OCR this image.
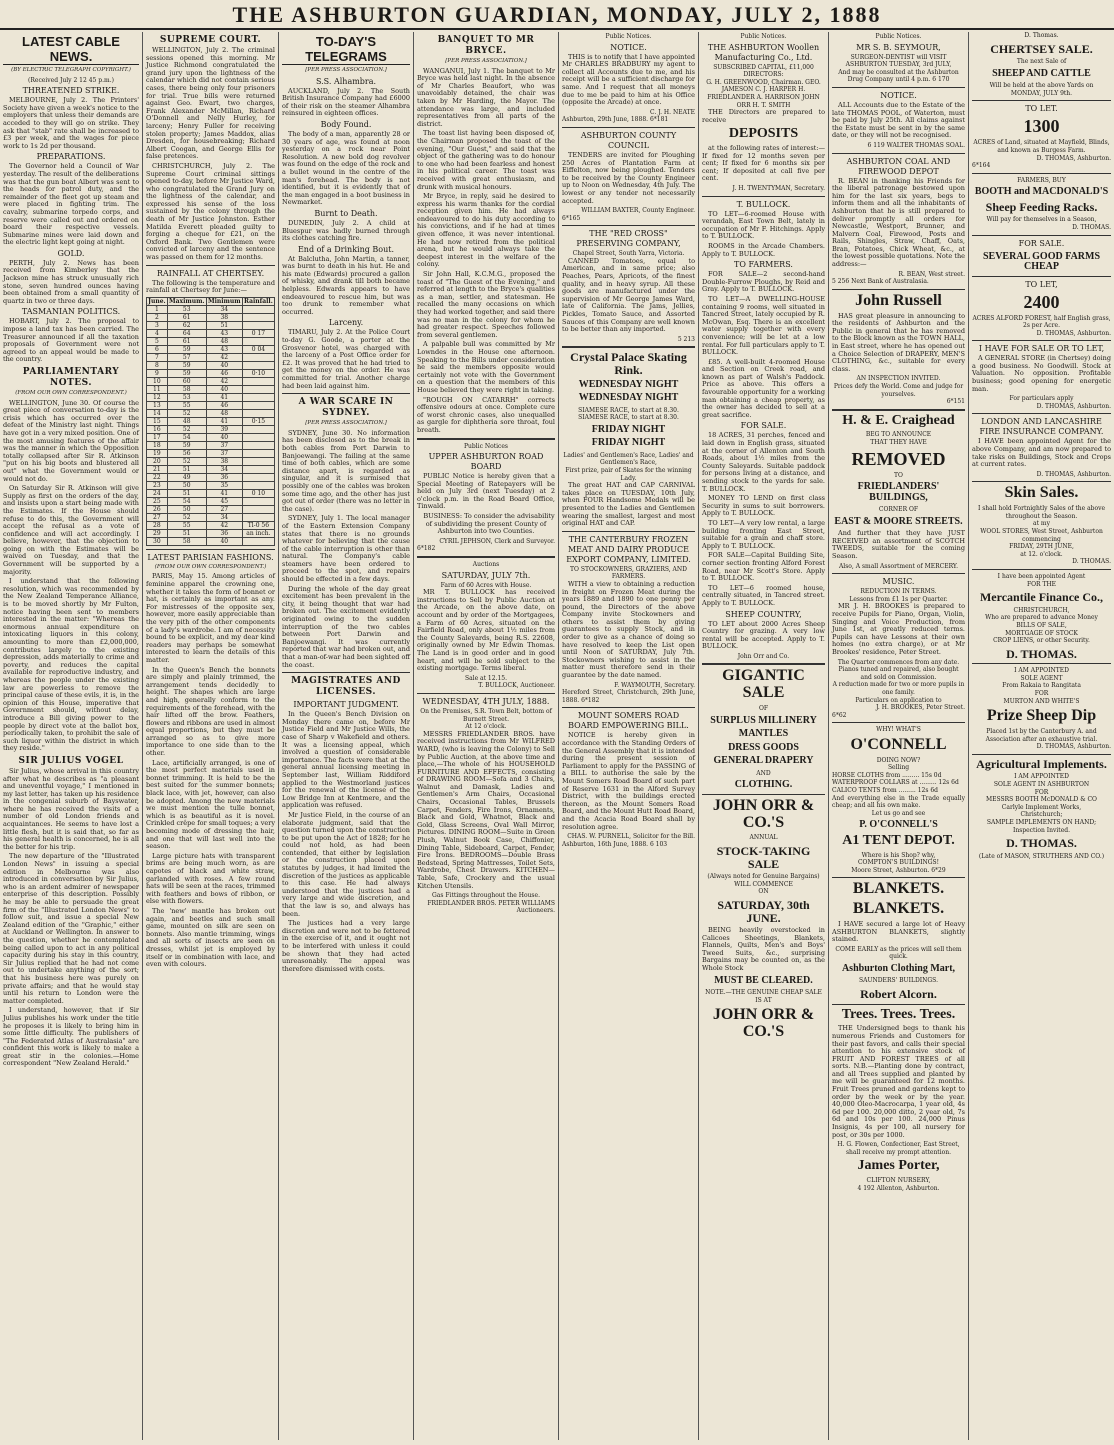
THE ASHBURTON GUARDIAN, MONDAY, JULY 2, 1888
LATEST CABLE NEWS.
(BY ELECTRIC TELEGRAPH COPYRIGHT.)
(Received July 2 12 45 p.m.)
THREATENED STRIKE.

MELBOURNE, July 2. The Printers' Society have given a week's notice to the employers that unless their demands are acceded to they will go on strike. They ask that "stab" rate shall be increased to £3 per week, and the wages for piece work to 1s 2d per thousand.

PREPARATIONS.

The Governor held a Council of War yesterday. The result of the deliberations was that the gun boat Albert was sent to the heads for patrol duty, and the remainder of the fleet got up steam and were placed in fighting trim. The cavalry, submarine torpedo corps, and reserve were called out and ordered on board their respective vessels. Submarine mines were laid down and the electric light kept going at night.

GOLD.

PERTH, July 2. News has been received from Kimberley that the Jackson mine has struck unusually rich stone, seven hundred ounces having been obtained from a small quantity of quartz in two or three days.

TASMANIAN POLITICS.

HOBART, July 2. The proposal to impose a land tax has been carried. The Treasurer announced if all the taxation proposals of Government were not agreed to an appeal would be made to the country.

PARLIAMENTARY NOTES.
(FROM OUR OWN CORRESPONDENT.)

WELLINGTON, June 30. Of course the great pièce of conversation to-day is the crisis which has occurred over the defeat of the Ministry last night. Things have got in a very mixed position. One of the most amusing features of the affair was the manner in which the Opposition totally collapsed after Sir R. Atkinson "put on his big boots and blustered all out" what the Government would or would not do.

On Saturday Sir R. Atkinson will give Supply as first on the orders of the day, and insists upon a start being made with the Estimates. If the House should refuse to do this, the Government will accept the refusal as a vote of confidence and will act accordingly. I believe, however, that the objection to going on with the Estimates will be waived on Tuesday, and that the Government will be supported by a majority.

I understand that the following resolution, which was recommended by the New Zealand Temperance Alliance, is to be moved shortly by Mr Fulton, notice having been sent to members interested in the matter: "Whereas the enormous annual expenditure on intoxicating liquors in this colony, amounting to more than £2,000,000, contributes largely to the existing depression, adds materially to crime and poverty, and reduces the capital available for reproductive industry, and whereas the people under the existing law are powerless to remove the principal cause of these evils, it is, in the opinion of this House, imperative that Government should, without delay, introduce a Bill giving power to the people by direct vote at the ballot box, periodically taken, to prohibit the sale of such liquor within the district in which they reside."

SIR JULIUS VOGEL

Sir Julius, whose arrival in this country after what he describes as "a pleasant and uneventful voyage," I mentioned in my last letter, has taken up his residence in the congenial suburb of Bayswater, where he has received the visits of a number of old London friends and acquaintances. He seems to have lost a little flesh, but it is said that, so far as his general health is concerned, he is all the better for his trip.

The new departure of the "Illustrated London News" in issuing a special edition in Melbourne was also introduced in conversation by Sir Julius, who is an ardent admirer of newspaper enterprise of this description. Possibly he may be able to persuade the great firm of the "Illustrated London News" to follow suit, and issue a special New Zealand edition of the "Graphic," either at Auckland or Wellington. In answer to the question, whether he contemplated being called upon to act in any political capacity during his stay in this country, Sir Julius replied that he had not come out to undertake anything of the sort; that his business here was purely on private affairs; and that he would stay until his return to London were the matter completed.

I understand, however, that if Sir Julius publishes his work under the title he proposes it is likely to bring him in some little difficulty. The publishers of "The Federated Atlas of Australasia" are confident this work is likely to make a great stir in the colonies.—Home correspondent "New Zealand Herald."

SUPREME COURT.

WELLINGTON, July 2. The criminal sessions opened this morning. Mr Justice Richmond congratulated the grand jury upon the lightness of the calendar which did not contain serious cases, there being only four prisoners for trial. True bills were returned against Geo. Ewart, two charges, Frank Alexander McMillan, Richard O'Donnell and Nelly Hurley, for larceny; Henry Fuller for receiving stolen property; James Maddox, alias Dresden, for housebreaking; Richard Albert Coogan, and George Ellis for false pretences.

CHRISTCHURCH, July 2. The Supreme Court criminal sittings opened to-day, before Mr Justice Ward, who congratulated the Grand Jury on the lightness of the calendar, and expressed his sense of the loss sustained by the colony through the death of Mr Justice Johnston. Esther Matilda Everett pleaded guilty to forging a cheque for £21, on the Oxford Bank. Two Gentlemen were convicted of larceny and the sentence was passed on them for 12 months.

RAINFALL AT CHERTSEY.

The following is the temperature and rainfall at Chertsey for June:—

June.	Maximum.	Minimum	Rainfall.
1	53	34	
2	61	38	
3	62	51	
4	64	43	0 17
5	61	48	
6	59	43	0 04
7	57	42	
8	59	40	
9	59	46	0·10
10	60	42	
11	58	40	
12	53	41	
13	55	46	
14	52	48	
15	48	41	0·15
16	52	39	
17	54	40	
18	59	37	
19	56	37	
20	52	38	
21	51	34	
22	49	36	
23	50	35	
24	51	41	0 10
25	54	45	
26	50	27	
27	52	34	
28	55	42	Tl-0 56
29	51	36	an inch.
30	58	40	
LATEST PARISIAN FASHIONS.
(FROM OUR OWN CORRESPONDENT.)

PARIS, May 15. Among articles of feminine apparel the crowning one, whether it takes the form of bonnet or hat, is certainly as important as any. For mistresses of the opposite sex, however, more easily appreciable than the very pith of the other components of a lady's wardrobe. I am of necessity bound to be explicit, and my dear kind readers may perhaps be somewhat interested to learn the details of this matter.

In the Queen's Bench the bonnets are simply and plainly trimmed, the arrangement tends decidedly to height. The shapes which are large and high, generally conform to the requirements of the forehead, with the hair lifted off the brow. Feathers, flowers and ribbons are used in almost equal proportions, but they must be arranged so as to give more importance to one side than to the other.

Lace, artificially arranged, is one of the most perfect materials used in bonnet trimming. It is held to be the best suited for the summer bonnets; black lace, with jet, however, can also be adopted. Among the new materials we must mention the tulle bonnet, which is as beautiful as it is novel. Crinkled crêpe for small toques; a very becoming mode of dressing the hair, and one that will last well into the season.

Large picture hats with transparent brims are being much worn, as are capotes of black and white straw, garlanded with roses. A few round hats will be seen at the races, trimmed with feathers and bows of ribbon, or else with flowers.

The 'new' mantle has broken out again, and beetles and such small game, mounted on silk are seen on bonnets. Also mantle trimming, wings and all sorts of insects are seen on dresses, whilst jet is employed by itself or in combination with lace, and even with colours.

TO-DAY'S TELEGRAMS
[PER PRESS ASSOCIATION.]
S.S. Alhambra.

AUCKLAND, July 2. The South British Insurance Company had £6000 of their risk on the steamer Alhambra reinsured in eighteen offices.

Body Found.

The body of a man, apparently 28 or 30 years of age, was found at noon yesterday on a rock near Point Resolution. A new bold dog revolver was found on the edge of the rock and a bullet wound in the centre of the man's forehead. The body is not identified, but it is evidently that of the man engaged in a boot business in Newmarket.

Burnt to Death.

DUNEDIN, July 2. A child at Bluespur was badly burned through its clothes catching fire.

End of a Drinking Bout.

At Balclutha, John Martin, a tanner, was burnt to death in his hut. He and his mate (Edwards) procured a gallon of whisky, and drank till both became helpless. Edwards appears to have endeavoured to rescue him, but was too drunk to remember what occurred.

Larceny.

TIMARU, July 2. At the Police Court to-day G. Goode, a porter at the Grosvenor hotel, was charged with the larceny of a Post Office order for £2. It was proved that he had tried to get the money on the order. He was committed for trial. Another charge had been laid against him.

A WAR SCARE IN SYDNEY.
[PER PRESS ASSOCIATION.]

SYDNEY, June 30. No information has been disclosed as to the break in both cables from Port Darwin to Banjoewangi. The failing at the same time of both cables, which are some distance apart, is regarded as singular, and it is surmised that possibly one of the cables was broken some time ago, and the other has just got out of order (there was no letter in the case).

SYDNEY, July 1. The local manager of the Eastern Extension Company states that there is no grounds whatever for believing that the cause of the cable interruption is other than natural. The Company's cable steamers have been ordered to proceed to the spot, and repairs should be effected in a few days.

During the whole of the day great excitement has been prevalent in the city, it being thought that war had broken out. The excitement evidently originated owing to the sudden interruption of the two cables between Port Darwin and Banjoewangi. It was currently reported that war had broken out, and that a man-of-war had been sighted off the coast.

MAGISTRATES AND LICENSES.
IMPORTANT JUDGMENT.

In the Queen's Bench Division on Monday there came on, before Mr Justice Field and Mr Justice Wills, the case of Sharp v Wakefield and others. It was a licensing appeal, which involved a question of considerable importance. The facts were that at the general annual licensing meeting in September last, William Riddiford applied to the Westmorland justices for the renewal of the license of the Low Bridge Inn at Kentmere, and the application was refused.

Mr Justice Field, in the course of an elaborate judgment, said that the question turned upon the construction to be put upon the Act of 1828; for he could not hold, as had been contended, that either by legislation or the construction placed upon statutes by judges, it had limited the discretion of the justices as applicable to this case. He had always understood that the justices had a very large and wide discretion, and that the law is so, and always has been.

The justices had a very large discretion and were not to be fettered in the exercise of it, and it ought not to be interfered with unless it could be shown that they had acted unreasonably. The appeal was therefore dismissed with costs.

BANQUET TO MR BRYCE.
[PER PRESS ASSOCIATION.]

WANGANUI, July 1. The banquet to Mr Bryce was held last night. In the absence of Mr Charles Beaufort, who was unavoidably detained, the chair was taken by Mr Harding, the Mayor. The attendance was large, and included representatives from all parts of the district.

The toast list having been disposed of, the Chairman proposed the toast of the evening, "Our Guest," and said that the object of the gathering was to do honour to one who had been fearless and honest in his political career. The toast was received with great enthusiasm, and drunk with musical honours.

Mr Bryce, in reply, said he desired to express his warm thanks for the cordial reception given him. He had always endeavoured to do his duty according to his convictions, and if he had at times given offence, it was never intentional. He had now retired from the political arena, but he would always take the deepest interest in the welfare of the colony.

Sir John Hall, K.C.M.G., proposed the toast of "The Guest of the Evening," and referred at length to the Bryce's qualities as a man, settler, and statesman. He recalled the many occasions on which they had worked together, and said there was no man in the colony for whom he had greater respect. Speeches followed from several gentlemen.

A palpable bull was committed by Mr Lowndes in the House one afternoon. Speaking to the Bills under consideration he said the members opposite would certainly not vote with the Government on a question that the members of this House believed they were right in taking.

"ROUGH ON CATARRH" corrects offensive odours at once. Complete cure of worst chronic cases, also unequalled as gargle for diphtheria sore throat, foul breath.

Public Notices
UPPER ASHBURTON ROAD BOARD

PUBLIC Notice is hereby given that a Special Meeting of Ratepayers will be held on July 3rd (next Tuesday) at 2 o'clock p.m. in the Road Board Office, Tinwald.

BUSINESS: To consider the advisability of subdividing the present County of Ashburton into two Counties.

CYRIL JEPHSON, Clerk and Surveyor.
6*182
Auctions
SATURDAY, JULY 7th.
Farm of 60 Acres with House.

MR T. BULLOCK has received instructions to Sell by Public Auction at the Arcade, on the above date, on account and by order of the Mortgagees, a Farm of 60 Acres, situated on the Fairfield Road, only about 1½ miles from the County Saleyards, being R.S. 22608, originally owned by Mr Edwin Thomas. The Land is in good order and in good heart, and will be sold subject to the existing mortgage. Terms liberal.

Sale at 12.15.
T. BULLOCK, Auctioneer.
WEDNESDAY, 4TH JULY, 1888.
On the Premises, S.R. Town Belt, bottom of Burnett Street.
At 12 o'clock.

MESSRS FRIEDLANDER BROS. have received instructions from Mr WILFRED WARD, (who is leaving the Colony) to Sell by Public Auction, at the above time and place,—The whole of his HOUSEHOLD FURNITURE AND EFFECTS, consisting of DRAWING ROOM—Sofa and 3 Chairs, Walnut and Damask, Ladies and Gentlemen's Arm Chairs, Occasional Chairs, Occasional Tables, Brussels Carpet, Fenders, Fire Irons, Ornaments, Black and Gold, Whatnot, Black and Gold, Glass Screens, Oval Wall Mirror, Pictures. DINING ROOM—Suite in Green Plush, Walnut Book Case, Chiffonier, Dining Table, Sideboard, Carpet, Fender, Fire Irons. BEDROOMS—Double Brass Bedstead, Spring Mattresses, Toilet Sets, Wardrobe, Chest Drawers. KITCHEN—Table, Safe, Crockery and the usual Kitchen Utensils.

Gas Fittings throughout the House.
FRIEDLANDER BROS. PETER WILLIAMS Auctioneers.
Public Notices.
NOTICE.

THIS is to notify that I have appointed Mr CHARLES BRADBURY my agent to collect all Accounts due to me, and his receipt will be a sufficient discharge for same. And I request that all moneys due to me be paid to him at his Office (opposite the Arcade) at once.

C. J. H. NEATE
Ashburton, 29th June, 1888. 6*181
ASHBURTON COUNTY COUNCIL

TENDERS are invited for Ploughing 250 Acres of Plantation Farm at Eiffelton, now being ploughed. Tenders to be received by the County Engineer up to Noon on Wednesday, 4th July. The lowest or any tender not necessarily accepted.

WILLIAM BAXTER, County Engineer.
6*165
THE "RED CROSS" PRESERVING COMPANY,
Chapel Street, South Yarra, Victoria.

CANNED Tomatoes, equal to American, and in same price; also Peaches, Pears, Apricots, of the finest quality, and in heavy syrup. All these goods are manufactured under the supervision of Mr George James Ward, late of California. The Jams, Jellies, Pickles, Tomato Sauce, and Assorted Sauces of this Company are well known to be better than any imported.

5 213
Crystal Palace Skating Rink.
WEDNESDAY NIGHT
WEDNESDAY NIGHT
SIAMESE RACE, to start at 8.30.
SIAMESE RACE, to start at 8.30.
FRIDAY NIGHT
FRIDAY NIGHT
Ladies' and Gentlemen's Race, Ladies' and Gentlemen's Race,
First prize, pair of Skates for the winning Lady.

The great HAT and CAP CARNIVAL takes place on TUESDAY, 10th July, when FOUR Handsome Medals will be presented to the Ladies and Gentlemen wearing the smallest, largest and most original HAT and CAP.

THE CANTERBURY FROZEN MEAT AND DAIRY PRODUCE EXPORT COMPANY, LIMITED.
TO STOCKOWNERS, GRAZIERS, AND FARMERS.

WITH a view to obtaining a reduction in freight on Frozen Meat during the years 1889 and 1890 to one penny per pound, the Directors of the above Company invite Stockowners and others to assist them by giving guarantees to supply Stock, and in order to give as a chance of doing so have resolved to keep the List open until Noon of SATURDAY, July 7th. Stockowners wishing to assist in the matter must therefore send in their guarantee by the date named.

F. WAYMOUTH, Secretary.
Hereford Street, Christchurch, 29th June, 1888. 6*182
MOUNT SOMERS ROAD BOARD EMPOWERING BILL.

NOTICE is hereby given in accordance with the Standing Orders of the General Assembly that it is intended during the present session of Parliament to apply for the PASSING of a BILL to authorise the sale by the Mount Somers Road Board of such part of Reserve 1631 in the Alford Survey District, with the buildings erected thereon, as the Mount Somers Road Board, and the Mount Hutt Road Board, and the Acacia Road Board shall by resolution agree.

CHAS. W. PURNELL, Solicitor for the Bill.
Ashburton, 16th June, 1888. 6 103
Public Notices.
THE ASHBURTON Woollen Manufacturing Co., Ltd.
SUBSCRIBED CAPITAL, £11,000
DIRECTORS:
G. H. GREENWOOD, Chairman. GEO. JAMESON C. J. HARPER H. FRIEDLANDER A. HARRISON JOHN ORR H. T. SMITH

THE Directors are prepared to receive

DEPOSITS

at the following rates of interest:— If fixed for 12 months seven per cent; If fixed for 6 months six per cent; If deposited at call five per cent.

J. H. TWENTYMAN, Secretary.
T. BULLOCK.

TO LET—6-roomed House with verandah, East Town Belt, lately in occupation of Mr F. Hitchings. Apply to T. BULLOCK.

ROOMS in the Arcade Chambers. Apply to T. BULLOCK.

TO FARMERS.

FOR SALE—2 second-hand Double-Furrow Ploughs, by Reid and Gray. Apply to T. BULLOCK.

TO LET—A DWELLING-HOUSE containing 9 rooms, well situated in Tancred Street, lately occupied by R. McOwan, Esq. There is an excellent water supply together with every convenience; will be let at a low rental. For full particulars apply to T. BULLOCK.

£85. A well-built 4-roomed House and Section on Creek road, and known as part of Walsh's Paddock. Price as above. This offers a favourable opportunity for a working man obtaining a cheap property, as the owner has decided to sell at a great sacrifice.

FOR SALE.

18 ACRES, 31 perches, fenced and laid down in English grass, situated at the corner of Allenton and South Roads, about 1½ miles from the County Saleyards. Suitable paddock for persons living at a distance, and sending stock to the yards for sale. T. BULLOCK.

MONEY TO LEND on first class Security in sums to suit borrowers. Apply to T. BULLOCK.

TO LET—A very low rental, a large building fronting East Street, suitable for a grain and chaff store. Apply to T. BULLOCK.

FOR SALE—Capital Building Site, corner section fronting Alford Forest Road, near Mr Scott's Store. Apply to T. BULLOCK.

TO LET—6 roomed house, centrally situated, in Tancred street. Apply to T. BULLOCK.

SHEEP COUNTRY,

TO LET about 2000 Acres Sheep Country for grazing. A very low rental will be accepted. Apply to T. BULLOCK.

John Orr and Co.
GIGANTIC SALE
OF
SURPLUS MILLINERY
MANTLES
DRESS GOODS
GENERAL DRAPERY
AND
CLOTHING.
JOHN ORR & CO.'S
ANNUAL
STOCK-TAKING SALE
(Always noted for Genuine Bargains)
WILL COMMENCE
ON
SATURDAY, 30th JUNE.

BEING heavily overstocked in Calicoes Sheetings, Blankets, Flannels, Quilts, Men's and Boys' Tweed Suits, &c., surprising Bargains may be counted on, as the Whole Stock

MUST BE CLEARED.
NOTE.—THE GENUINE CHEAP SALE IS AT
JOHN ORR & CO.'S
Public Notices.
MR S. B. SEYMOUR,
SURGEON-DENTIST will VISIT ASHBURTON TUESDAY, 3rd JULY,
And may be consulted at the Ashburton Drug Company until 4 p.m. 6 170
NOTICE.

ALL Accounts due to the Estate of the late THOMAS POOL, of Waterton, must be paid by July 25th. All claims against the Estate must be sent in by the same date, or they will not be recognised.

6 119 WALTER THOMAS SOAL.
ASHBURTON COAL AND FIREWOOD DEPOT

R. BEAN in thanking his Friends for the liberal patronage bestowed upon him for the last six years, begs to inform them and all the inhabitants of Ashburton that he is still prepared to deliver promptly all orders for Newcastle, Westport, Brunner, and Malvern Coal, Firewood, Posts and Rails, Shingles, Straw, Chaff, Oats, Bran, Potatoes, Chick Wheat, &c., at the lowest possible quotations. Note the address:—

R. BEAN, West street.
5 256 Next Bank of Australasia.
John Russell

HAS great pleasure in announcing to the residents of Ashburton and the Public in general that he has removed to the Block known as the TOWN HALL, in East street, where he has opened out a Choice Selection of DRAPERY, MEN'S CLOTHING, &c., suitable for every class.

AN INSPECTION INVITED.
Prices defy the World. Come and judge for yourselves.
6*151
H. & E. Craighead
BEG TO ANNOUNCE
THAT THEY HAVE
REMOVED
TO
FRIEDLANDERS' BUILDINGS,
CORNER OF
EAST & MOORE STREETS.

And further that they have JUST RECEIVED an assortment of SCOTCH TWEEDS, suitable for the coming Season.

Also, A small Assortment of MERCERY.
MUSIC.
REDUCTION IN TERMS.
Lessons from £1 1s per Quarter.

MR J. H. BROOKES is prepared to receive Pupils for Piano, Organ, Violin, Singing and Voice Production, from June 1st, at greatly reduced terms. Pupils can have Lessons at their own homes (no extra charge), or at Mr Brookes' residence, Peter Street.

The Quarter commences from any date.
Pianos tuned and repaired, also bought and sold on Commission.
A reduction made for two or more pupils in one family.
Particulars on application to
J. H. BROOKES, Peter Street.
6*62
WHY! WHAT'S
O'CONNELL
DOING NOW?
Selling
HORSE CLOTHS from ......... 15s 0d
WATERPROOF COLLARS at ......... 12s 6d
CALICO TENTS from ......... 12s 6d
And everything else in the Trade equally cheap; and all his own make.
Let us go and see
P. O'CONNELL'S
A1 TENT DEPOT.
Where is his Shop? why,
COMPTON'S BUILDINGS!
Moore Street, Ashburton. 6*29
BLANKETS.
BLANKETS.

I HAVE secured a large lot of Heavy ASHBURTON BLANKETS, slightly stained.

COME EARLY as the prices will sell them quick.
Ashburton Clothing Mart,
SAUNDERS' BUILDINGS.
Robert Alcorn.
Trees. Trees. Trees.

THE Undersigned begs to thank his numerous Friends and Customers for their past favors, and calls their special attention to his extensive stock of FRUIT AND FOREST TREES of all sorts. N.B.—Planting done by contract, and all Trees supplied and planted by me will be guaranteed for 12 months. Fruit Trees pruned and gardens kept to order by the week or by the year. 40,000 Oleo-Macrocarpa, 1 year old, 4s 6d per 100. 20,000 ditto, 2 year old, 7s 6d and 10s per 100. 24,000 Pinus Insignis, 4s per 100, all nursery for post, or 30s per 1000.

H. G. Flowen, Confectioner, East Street, shall receive my prompt attention.
James Porter,
CLIFTON NURSERY,
4 192 Allenton, Ashburton.
D. Thomas.
CHERTSEY SALE.
The next Sale of
SHEEP AND CATTLE
Will be held at the above Yards on
MONDAY, JULY 9th.
TO LET.
1300
ACRES of Land, situated at Mayfield, Blinds, and known as Burgess Farm.
D. THOMAS, Ashburton.
6*164
FARMERS, BUY
BOOTH and MACDONALD'S
Sheep Feeding Racks.
Will pay for themselves in a Season,
D. THOMAS.
FOR SALE.
SEVERAL GOOD FARMS CHEAP
TO LET,
2400
ACRES ALFORD FOREST, half English grass, 2s per Acre.
D. THOMAS, Ashburton.
I HAVE FOR SALE OR TO LET,

A GENERAL STORE (in Chertsey) doing a good business. No Goodwill. Stock at Valuation. No opposition. Profitable business; good opening for energetic man.

For particulars apply
D. THOMAS, Ashburton.
LONDON AND LANCASHIRE FIRE INSURANCE COMPANY.

I HAVE been appointed Agent for the above Company, and am now prepared to take risks on Buildings, Stock and Crops at current rates.

D. THOMAS, Ashburton.
Skin Sales.
I shall hold Fortnightly Sales of the above throughout the Season.
at my
WOOL STORES, West Street, Ashburton
commencing
FRIDAY, 29TH JUNE,
at 12. o'clock.
D. THOMAS.
I have been appointed Agent
FOR THE
Mercantile Finance Co.,
CHRISTCHURCH,
Who are prepared to advance Money
BILLS OF SALE,
MORTGAGE OF STOCK
CROP LIENS, or other Security.
D. THOMAS.
I AM APPOINTED
SOLE AGENT
From Rakaia to Rangitata
FOR
MURTON AND WHITE'S
Prize Sheep Dip
Placed 1st by the Canterbury A. and Association after an exhaustive trial.
D. THOMAS, Ashburton.
Agricultural Implements.
I AM APPOINTED
SOLE AGENT IN ASHBURTON
FOR
MESSRS BOOTH McDONALD & CO
Carlyle Implement Works,
Christchurch;
SAMPLE IMPLEMENTS ON HAND;
Inspection Invited.
D. THOMAS.
(Late of MASON, STRUTHERS AND CO.)
